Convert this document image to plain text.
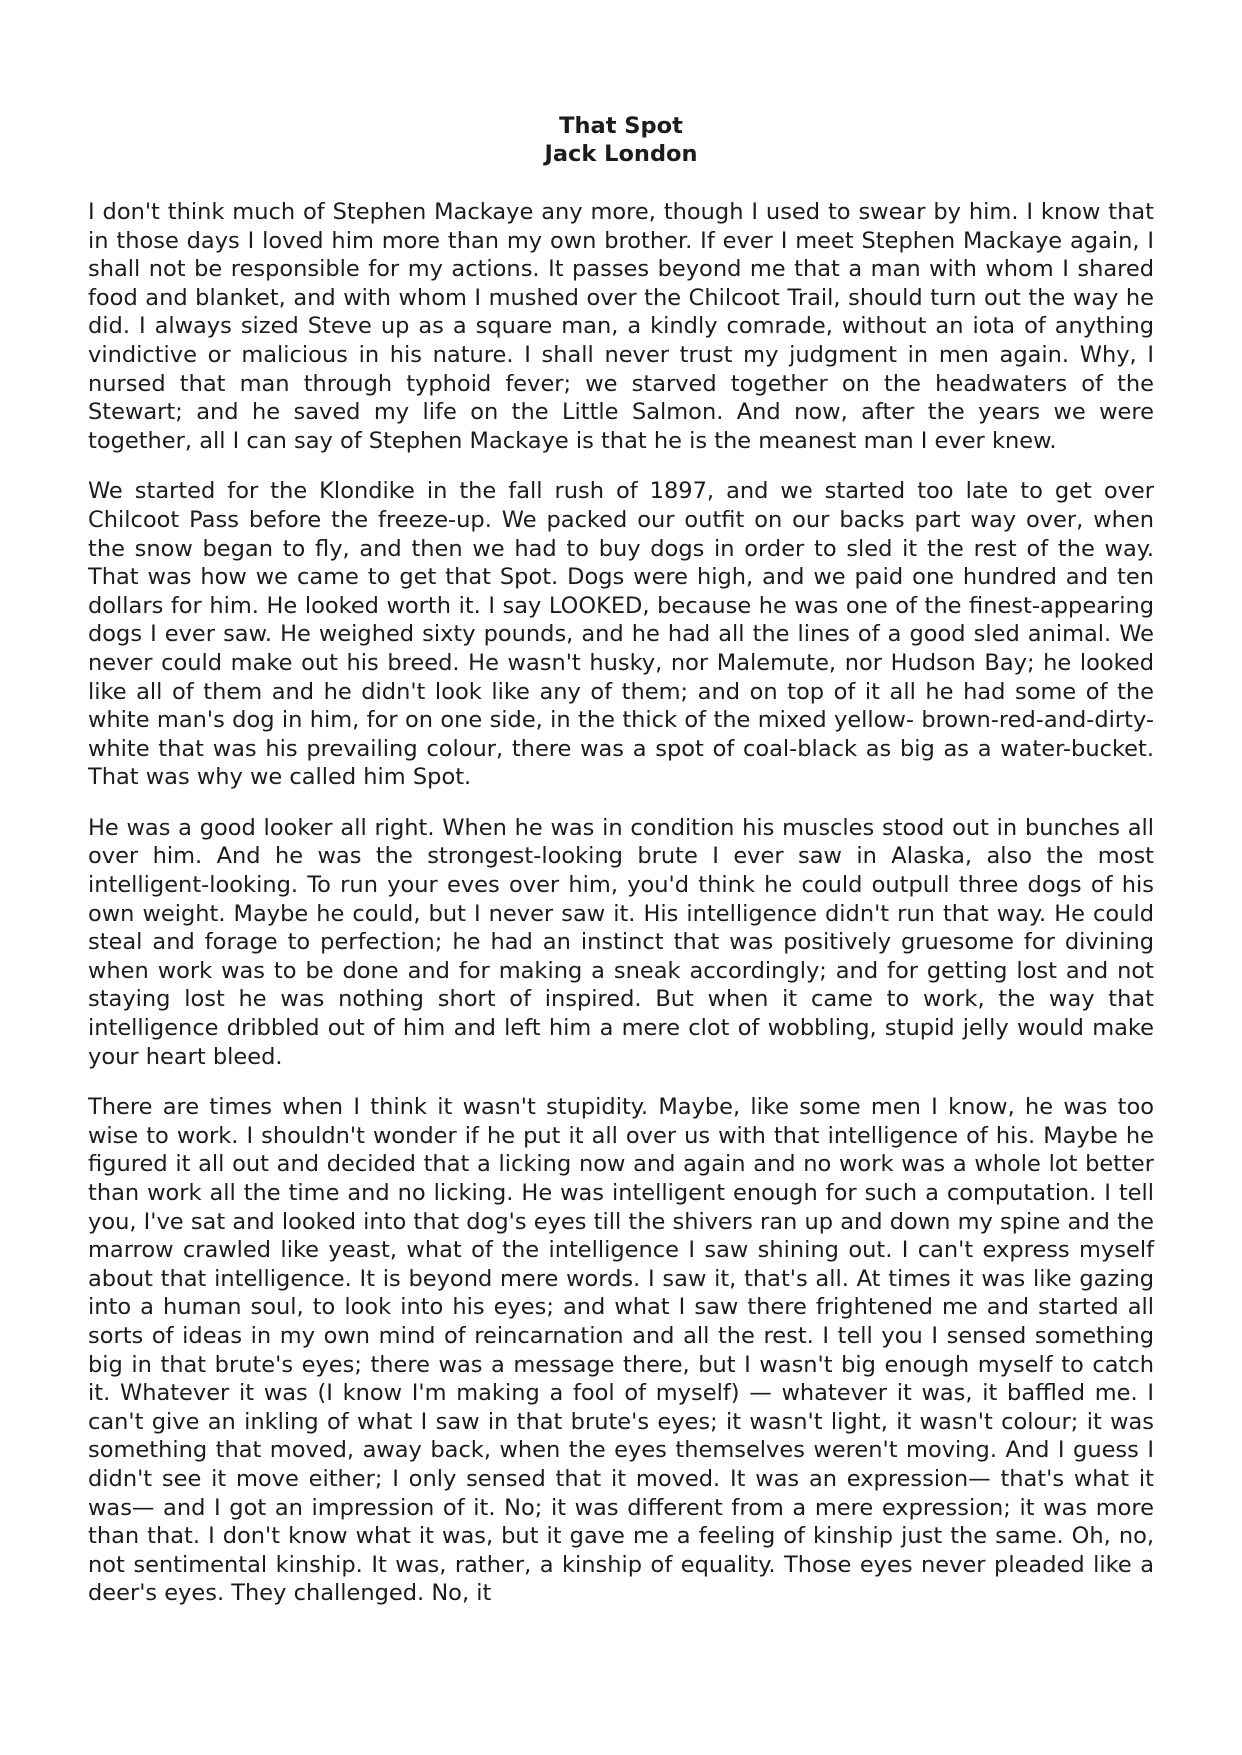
That Spot
Jack London

I don't think much of Stephen Mackaye any more, though I used to swear by him. I know that in those days I loved him more than my own brother. If ever I meet Stephen Mackaye again, I shall not be responsible for my actions. It passes beyond me that a man with whom I shared food and blanket, and with whom I mushed over the Chilcoot Trail, should turn out the way he did. I always sized Steve up as a square man, a kindly comrade, without an iota of anything vindictive or malicious in his nature. I shall never trust my judgment in men again. Why, I nursed that man through typhoid fever; we starved together on the headwaters of the Stewart; and he saved my life on the Little Salmon. And now, after the years we were together, all I can say of Stephen Mackaye is that he is the meanest man I ever knew.

We started for the Klondike in the fall rush of 1897, and we started too late to get over Chilcoot Pass before the freeze-up. We packed our outfit on our backs part way over, when the snow began to fly, and then we had to buy dogs in order to sled it the rest of the way. That was how we came to get that Spot. Dogs were high, and we paid one hundred and ten dollars for him. He looked worth it. I say LOOKED, because he was one of the finest-appearing dogs I ever saw. He weighed sixty pounds, and he had all the lines of a good sled animal. We never could make out his breed. He wasn't husky, nor Malemute, nor Hudson Bay; he looked like all of them and he didn't look like any of them; and on top of it all he had some of the white man's dog in him, for on one side, in the thick of the mixed yellow- brown-red-and-dirty-white that was his prevailing colour, there was a spot of coal-black as big as a water-bucket. That was why we called him Spot.

He was a good looker all right. When he was in condition his muscles stood out in bunches all over him. And he was the strongest-looking brute I ever saw in Alaska, also the most intelligent-looking. To run your eves over him, you'd think he could outpull three dogs of his own weight. Maybe he could, but I never saw it. His intelligence didn't run that way. He could steal and forage to perfection; he had an instinct that was positively gruesome for divining when work was to be done and for making a sneak accordingly; and for getting lost and not staying lost he was nothing short of inspired. But when it came to work, the way that intelligence dribbled out of him and left him a mere clot of wobbling, stupid jelly would make your heart bleed.

There are times when I think it wasn't stupidity. Maybe, like some men I know, he was too wise to work. I shouldn't wonder if he put it all over us with that intelligence of his. Maybe he figured it all out and decided that a licking now and again and no work was a whole lot better than work all the time and no licking. He was intelligent enough for such a computation. I tell you, I've sat and looked into that dog's eyes till the shivers ran up and down my spine and the marrow crawled like yeast, what of the intelligence I saw shining out. I can't express myself about that intelligence. It is beyond mere words. I saw it, that's all. At times it was like gazing into a human soul, to look into his eyes; and what I saw there frightened me and started all sorts of ideas in my own mind of reincarnation and all the rest. I tell you I sensed something big in that brute's eyes; there was a message there, but I wasn't big enough myself to catch it. Whatever it was (I know I'm making a fool of myself) — whatever it was, it baffled me. I can't give an inkling of what I saw in that brute's eyes; it wasn't light, it wasn't colour; it was something that moved, away back, when the eyes themselves weren't moving. And I guess I didn't see it move either; I only sensed that it moved. It was an expression— that's what it was— and I got an impression of it. No; it was different from a mere expression; it was more than that. I don't know what it was, but it gave me a feeling of kinship just the same. Oh, no, not sentimental kinship. It was, rather, a kinship of equality. Those eyes never pleaded like a deer's eyes. They challenged. No, it
